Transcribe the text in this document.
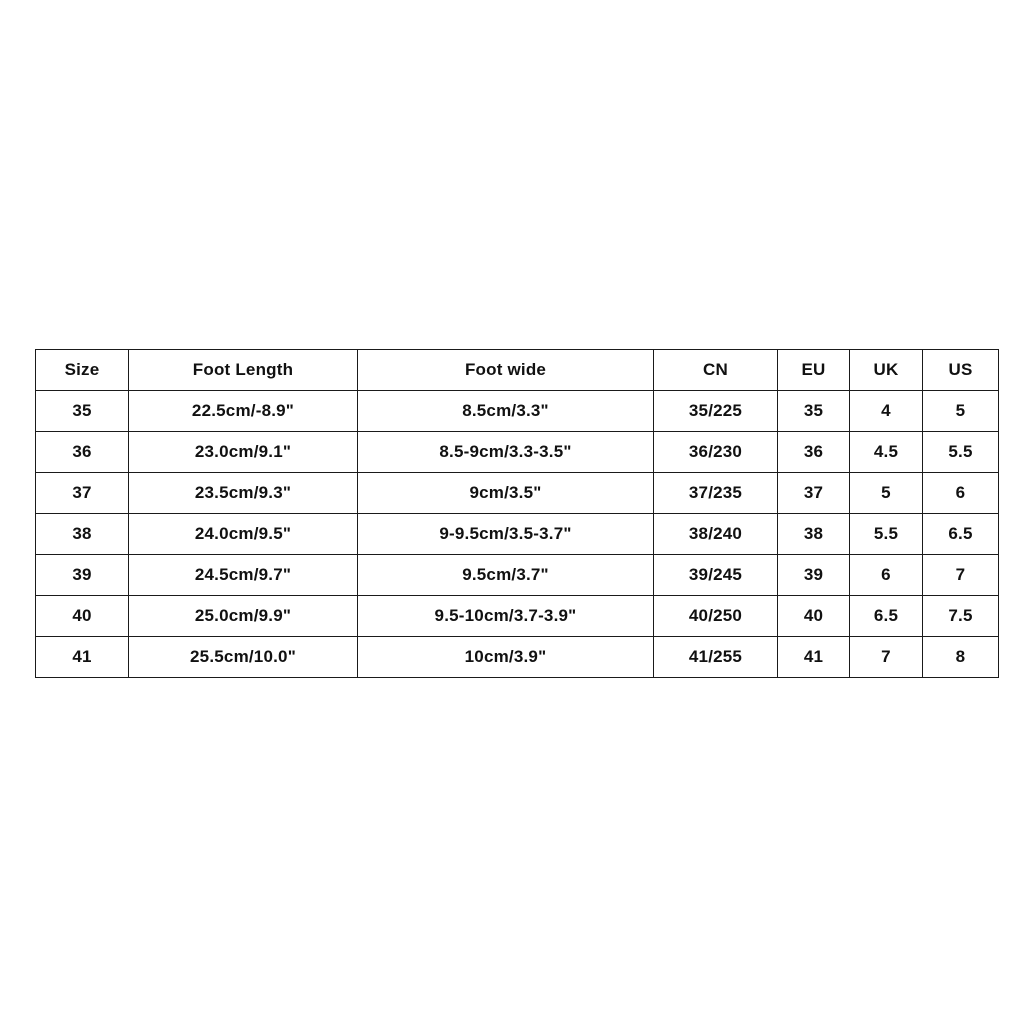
Size	Foot Length	Foot wide	CN	EU	UK	US
35	22.5cm/-8.9"	8.5cm/3.3"	35/225	35	4	5
36	23.0cm/9.1"	8.5-9cm/3.3-3.5"	36/230	36	4.5	5.5
37	23.5cm/9.3"	9cm/3.5"	37/235	37	5	6
38	24.0cm/9.5"	9-9.5cm/3.5-3.7"	38/240	38	5.5	6.5
39	24.5cm/9.7"	9.5cm/3.7"	39/245	39	6	7
40	25.0cm/9.9"	9.5-10cm/3.7-3.9"	40/250	40	6.5	7.5
41	25.5cm/10.0"	10cm/3.9"	41/255	41	7	8
